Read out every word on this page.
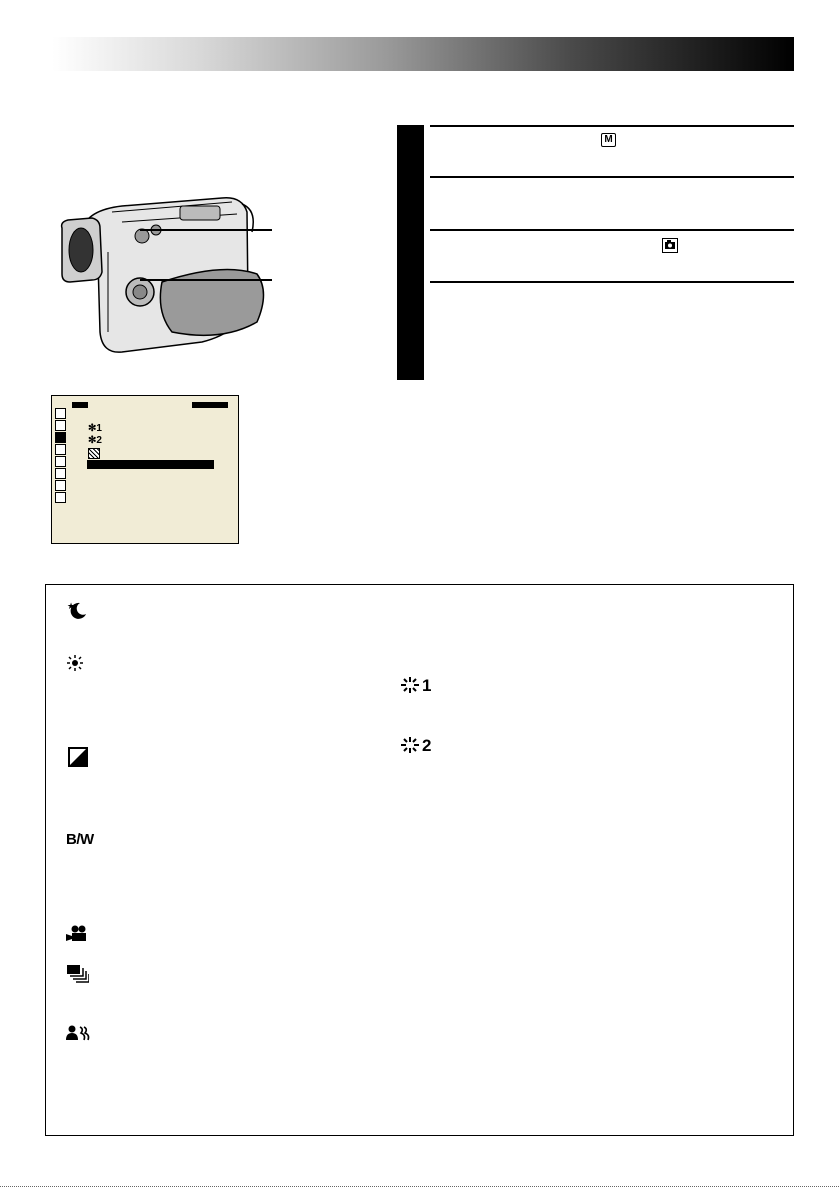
M
✻1
✻2
★
B/W
1
2
